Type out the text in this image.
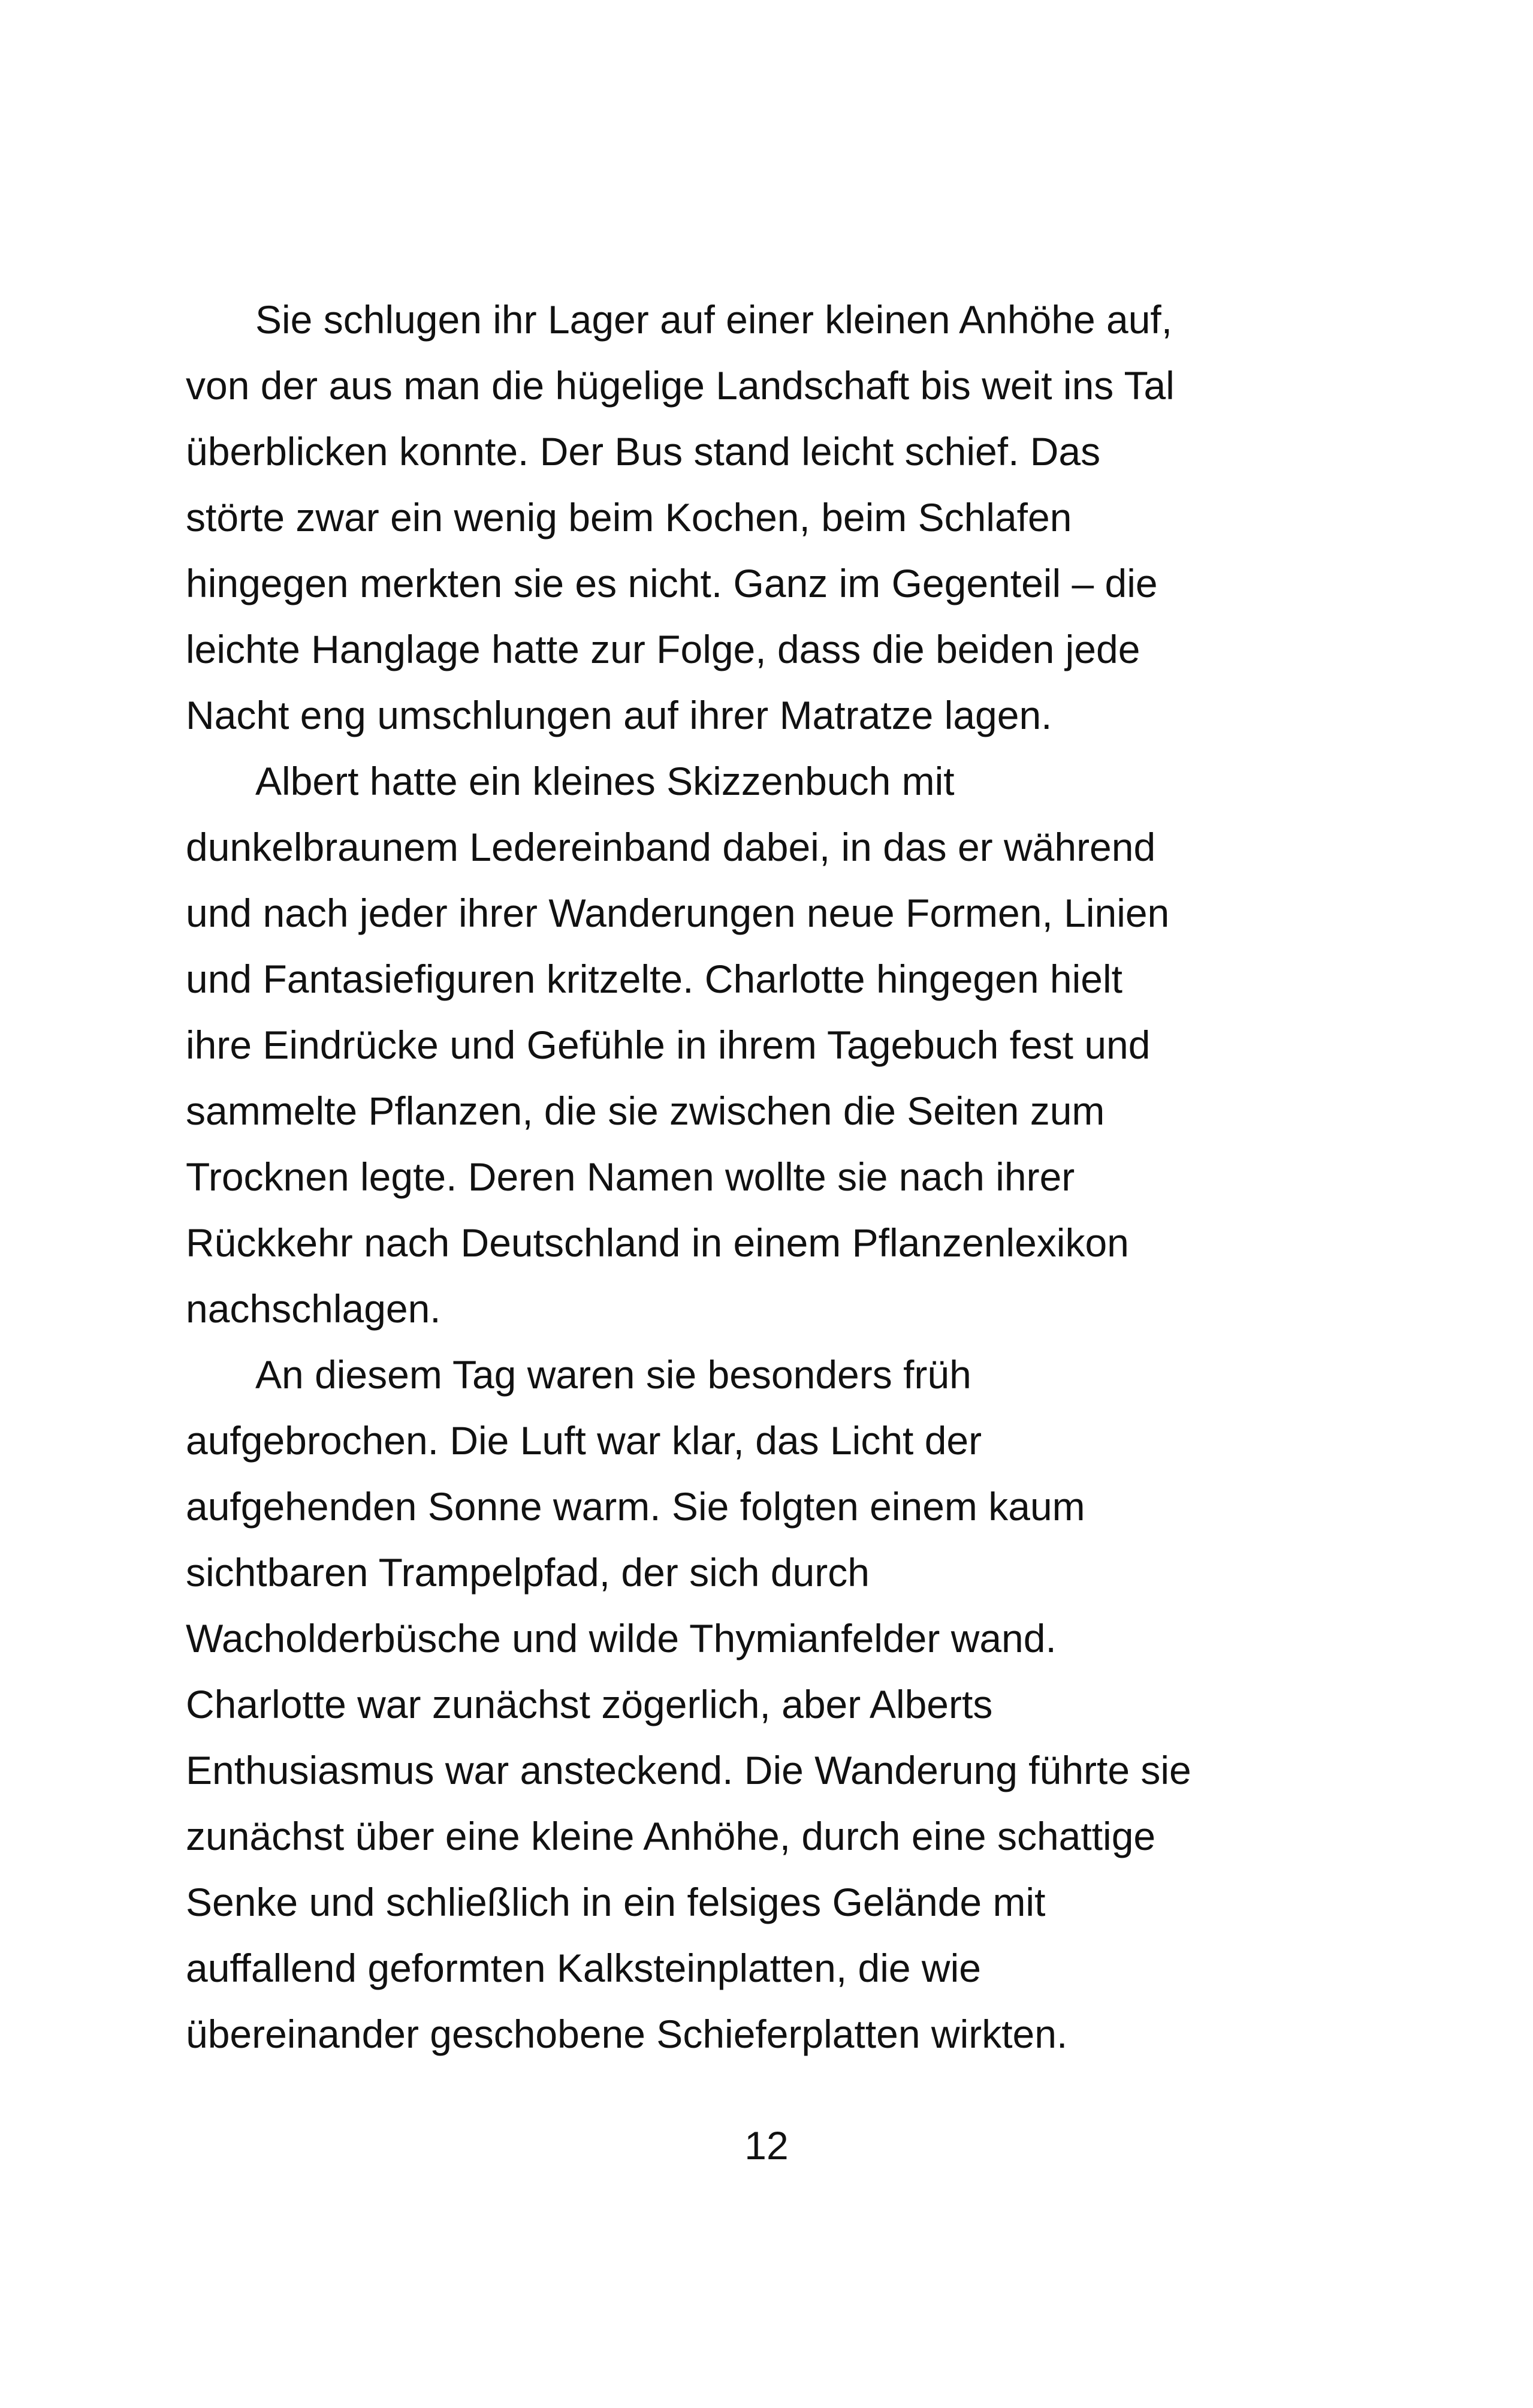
Sie schlugen ihr Lager auf einer kleinen Anhöhe auf,
von der aus man die hügelige Landschaft bis weit ins Tal
überblicken konnte. Der Bus stand leicht schief. Das
störte zwar ein wenig beim Kochen, beim Schlafen
hingegen merkten sie es nicht. Ganz im Gegenteil – die
leichte Hanglage hatte zur Folge, dass die beiden jede
Nacht eng umschlungen auf ihrer Matratze lagen.
Albert hatte ein kleines Skizzenbuch mit
dunkelbraunem Ledereinband dabei, in das er während
und nach jeder ihrer Wanderungen neue Formen, Linien
und Fantasiefiguren kritzelte. Charlotte hingegen hielt
ihre Eindrücke und Gefühle in ihrem Tagebuch fest und
sammelte Pflanzen, die sie zwischen die Seiten zum
Trocknen legte. Deren Namen wollte sie nach ihrer
Rückkehr nach Deutschland in einem Pflanzenlexikon
nachschlagen.
An diesem Tag waren sie besonders früh
aufgebrochen. Die Luft war klar, das Licht der
aufgehenden Sonne warm. Sie folgten einem kaum
sichtbaren Trampelpfad, der sich durch
Wacholderbüsche und wilde Thymianfelder wand.
Charlotte war zunächst zögerlich, aber Alberts
Enthusiasmus war ansteckend. Die Wanderung führte sie
zunächst über eine kleine Anhöhe, durch eine schattige
Senke und schließlich in ein felsiges Gelände mit
auffallend geformten Kalksteinplatten, die wie
übereinander geschobene Schieferplatten wirkten.
12
